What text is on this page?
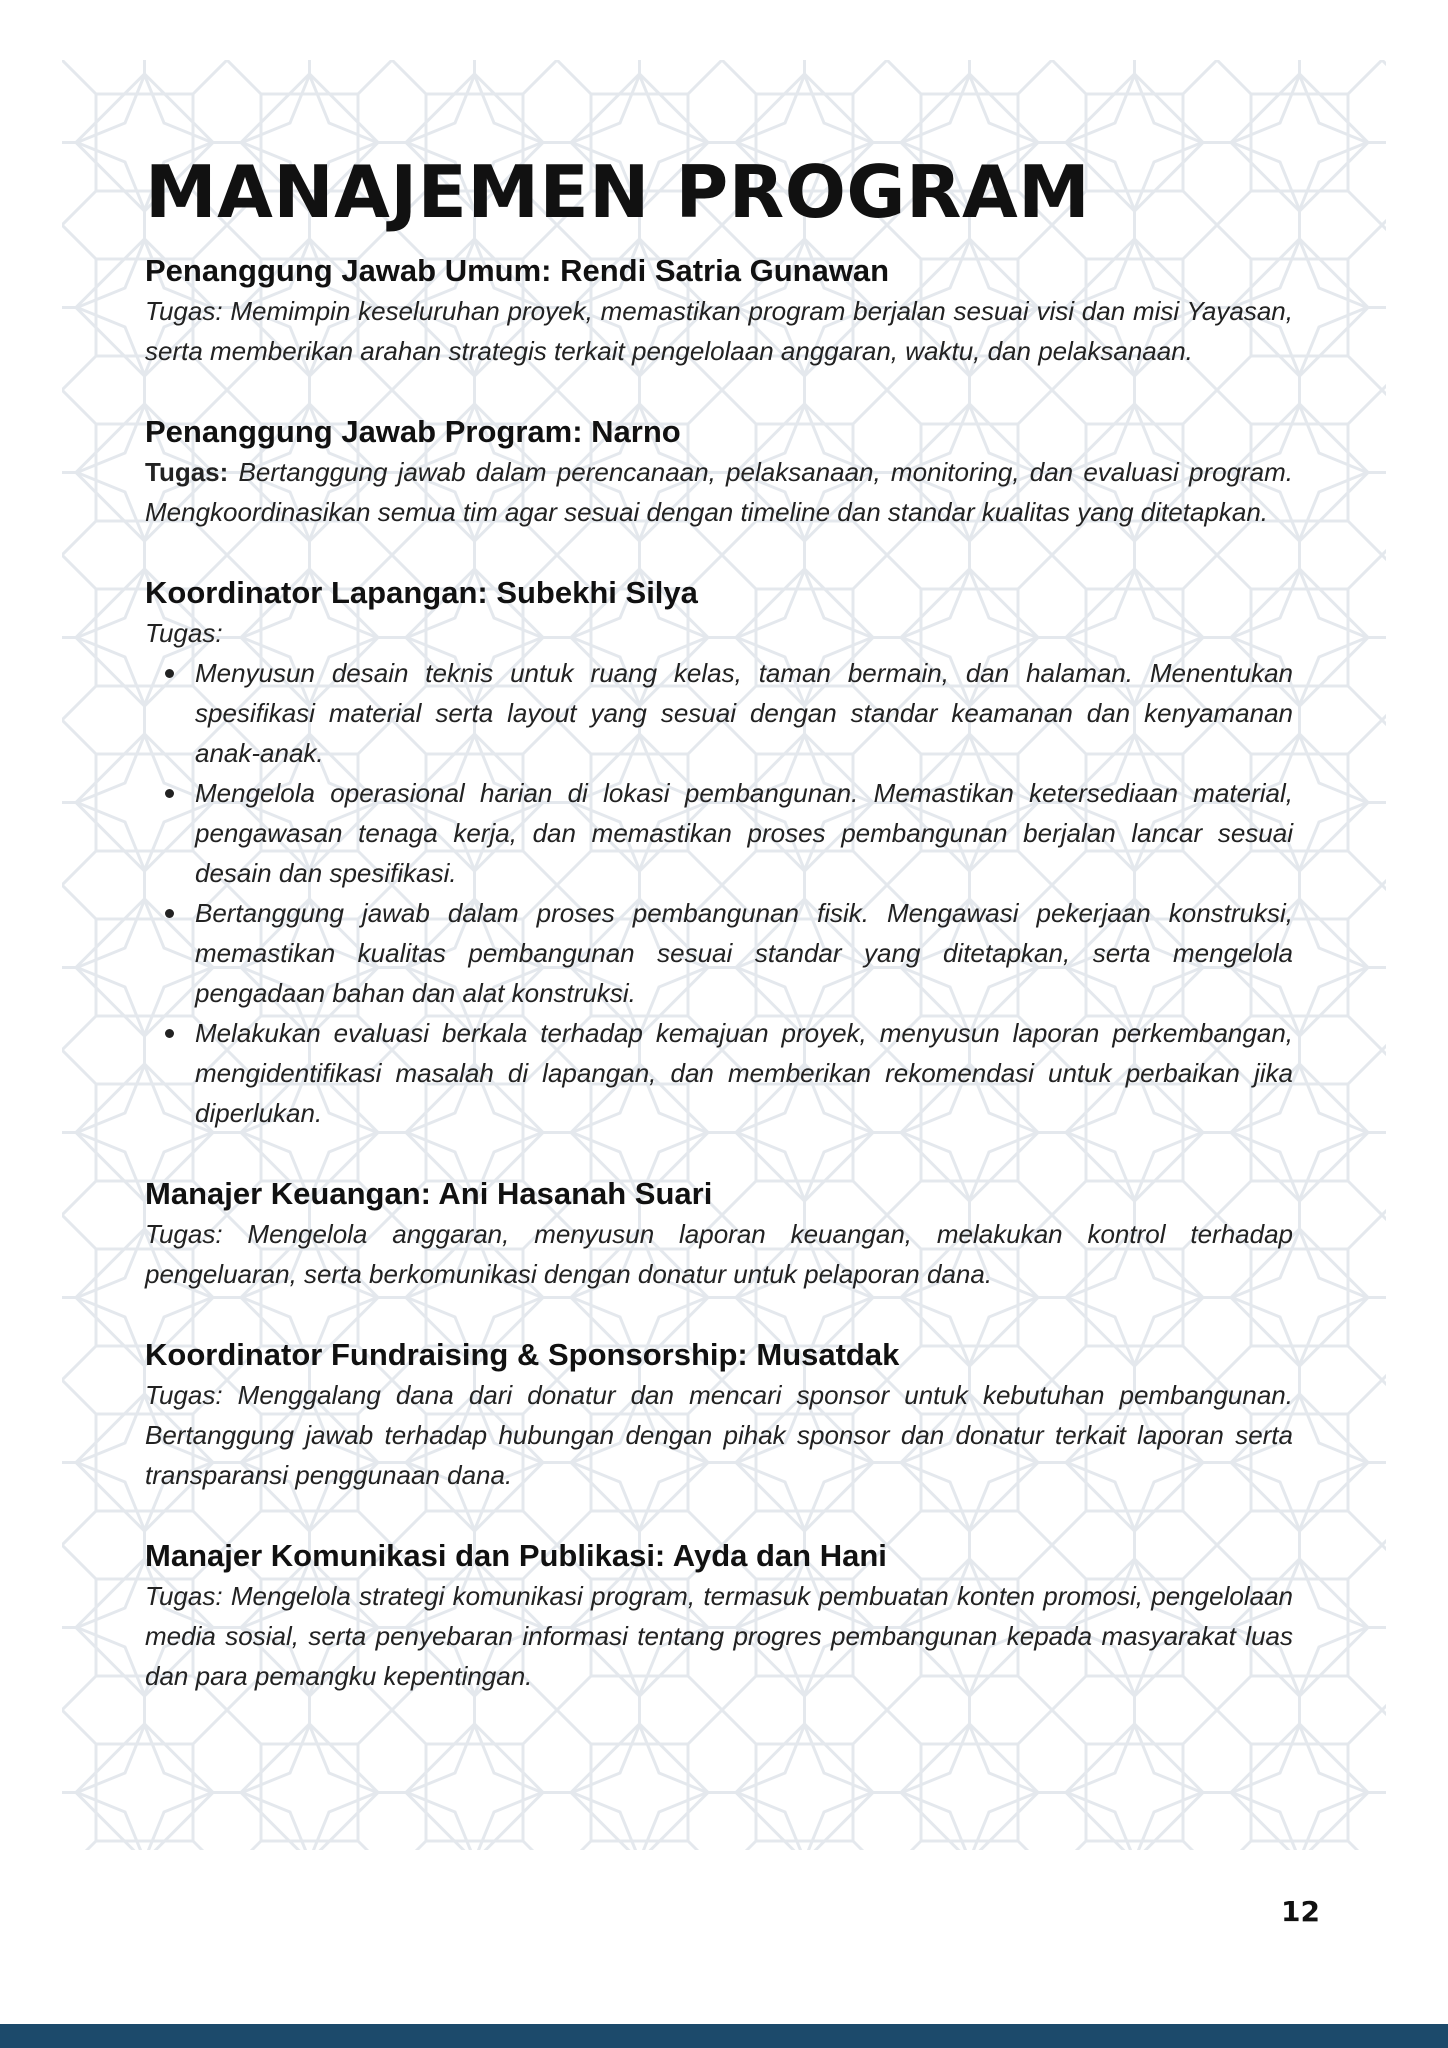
MANAJEMEN PROGRAM
Penanggung Jawab Umum: Rendi Satria Gunawan

Tugas: Memimpin keseluruhan proyek, memastikan program berjalan sesuai visi dan misi Yayasan, serta memberikan arahan strategis terkait pengelolaan anggaran, waktu, dan pelaksanaan.

Penanggung Jawab Program: Narno

Tugas: Bertanggung jawab dalam perencanaan, pelaksanaan, monitoring, dan evaluasi program. Mengkoordinasikan semua tim agar sesuai dengan timeline dan standar kualitas yang ditetapkan.

Koordinator Lapangan: Subekhi Silya

Tugas:

Menyusun desain teknis untuk ruang kelas, taman bermain, dan halaman. Menentukan spesifikasi material serta layout yang sesuai dengan standar keamanan dan kenyamanan anak-anak.
Mengelola operasional harian di lokasi pembangunan. Memastikan ketersediaan material, pengawasan tenaga kerja, dan memastikan proses pembangunan berjalan lancar sesuai desain dan spesifikasi.
Bertanggung jawab dalam proses pembangunan fisik. Mengawasi pekerjaan konstruksi, memastikan kualitas pembangunan sesuai standar yang ditetapkan, serta mengelola pengadaan bahan dan alat konstruksi.
Melakukan evaluasi berkala terhadap kemajuan proyek, menyusun laporan perkembangan, mengidentifikasi masalah di lapangan, dan memberikan rekomendasi untuk perbaikan jika diperlukan.
Manajer Keuangan: Ani Hasanah Suari

Tugas: Mengelola anggaran, menyusun laporan keuangan, melakukan kontrol terhadap pengeluaran, serta berkomunikasi dengan donatur untuk pelaporan dana.

Koordinator Fundraising & Sponsorship: Musatdak

Tugas: Menggalang dana dari donatur dan mencari sponsor untuk kebutuhan pembangunan. Bertanggung jawab terhadap hubungan dengan pihak sponsor dan donatur terkait laporan serta transparansi penggunaan dana.

Manajer Komunikasi dan Publikasi: Ayda dan Hani

Tugas: Mengelola strategi komunikasi program, termasuk pembuatan konten promosi, pengelolaan media sosial, serta penyebaran informasi tentang progres pembangunan kepada masyarakat luas dan para pemangku kepentingan.

12
